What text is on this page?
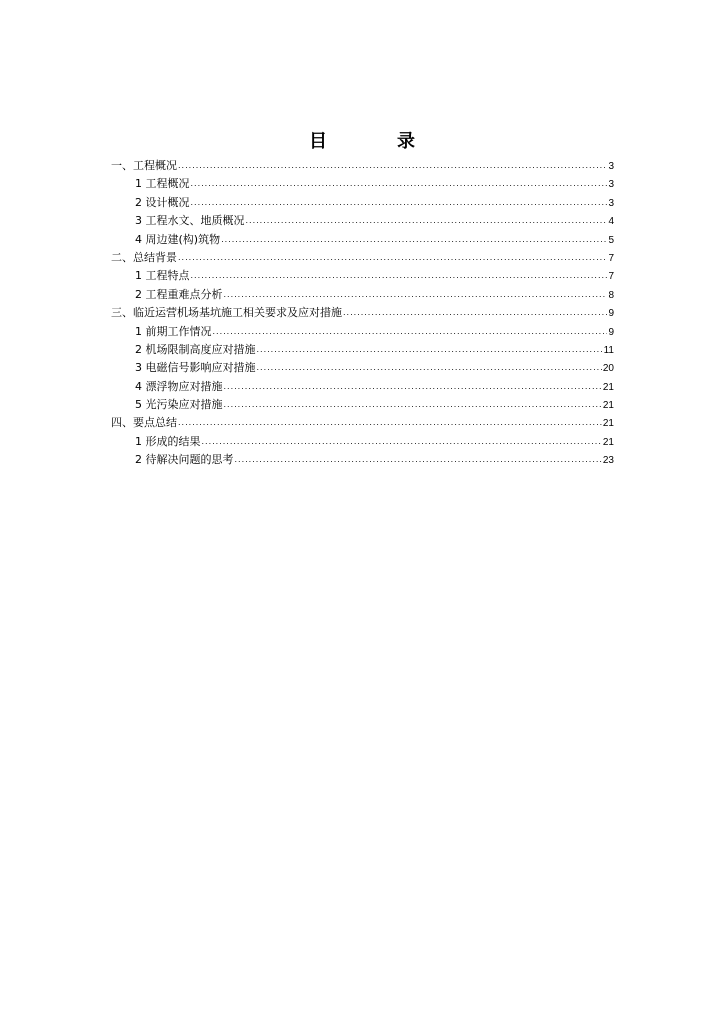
目　录
一、工程概况 .....	3
1 工程概况 .....	3
2 设计概况 .....	3
3 工程水文、地质概况 .....	4
4 周边建(构)筑物 .....	5
二、总结背景 .....	7
1 工程特点 .....	7
2 工程重难点分析 .....	8
三、临近运营机场基坑施工相关要求及应对措施 .....	9
1 前期工作情况 .....	9
2 机场限制高度应对措施 .....	11
3 电磁信号影响应对措施 .....	20
4 漂浮物应对措施 .....	21
5 光污染应对措施 .....	21
四、要点总结 .....	21
1 形成的结果 .....	21
2 待解决问题的思考 .....	23
